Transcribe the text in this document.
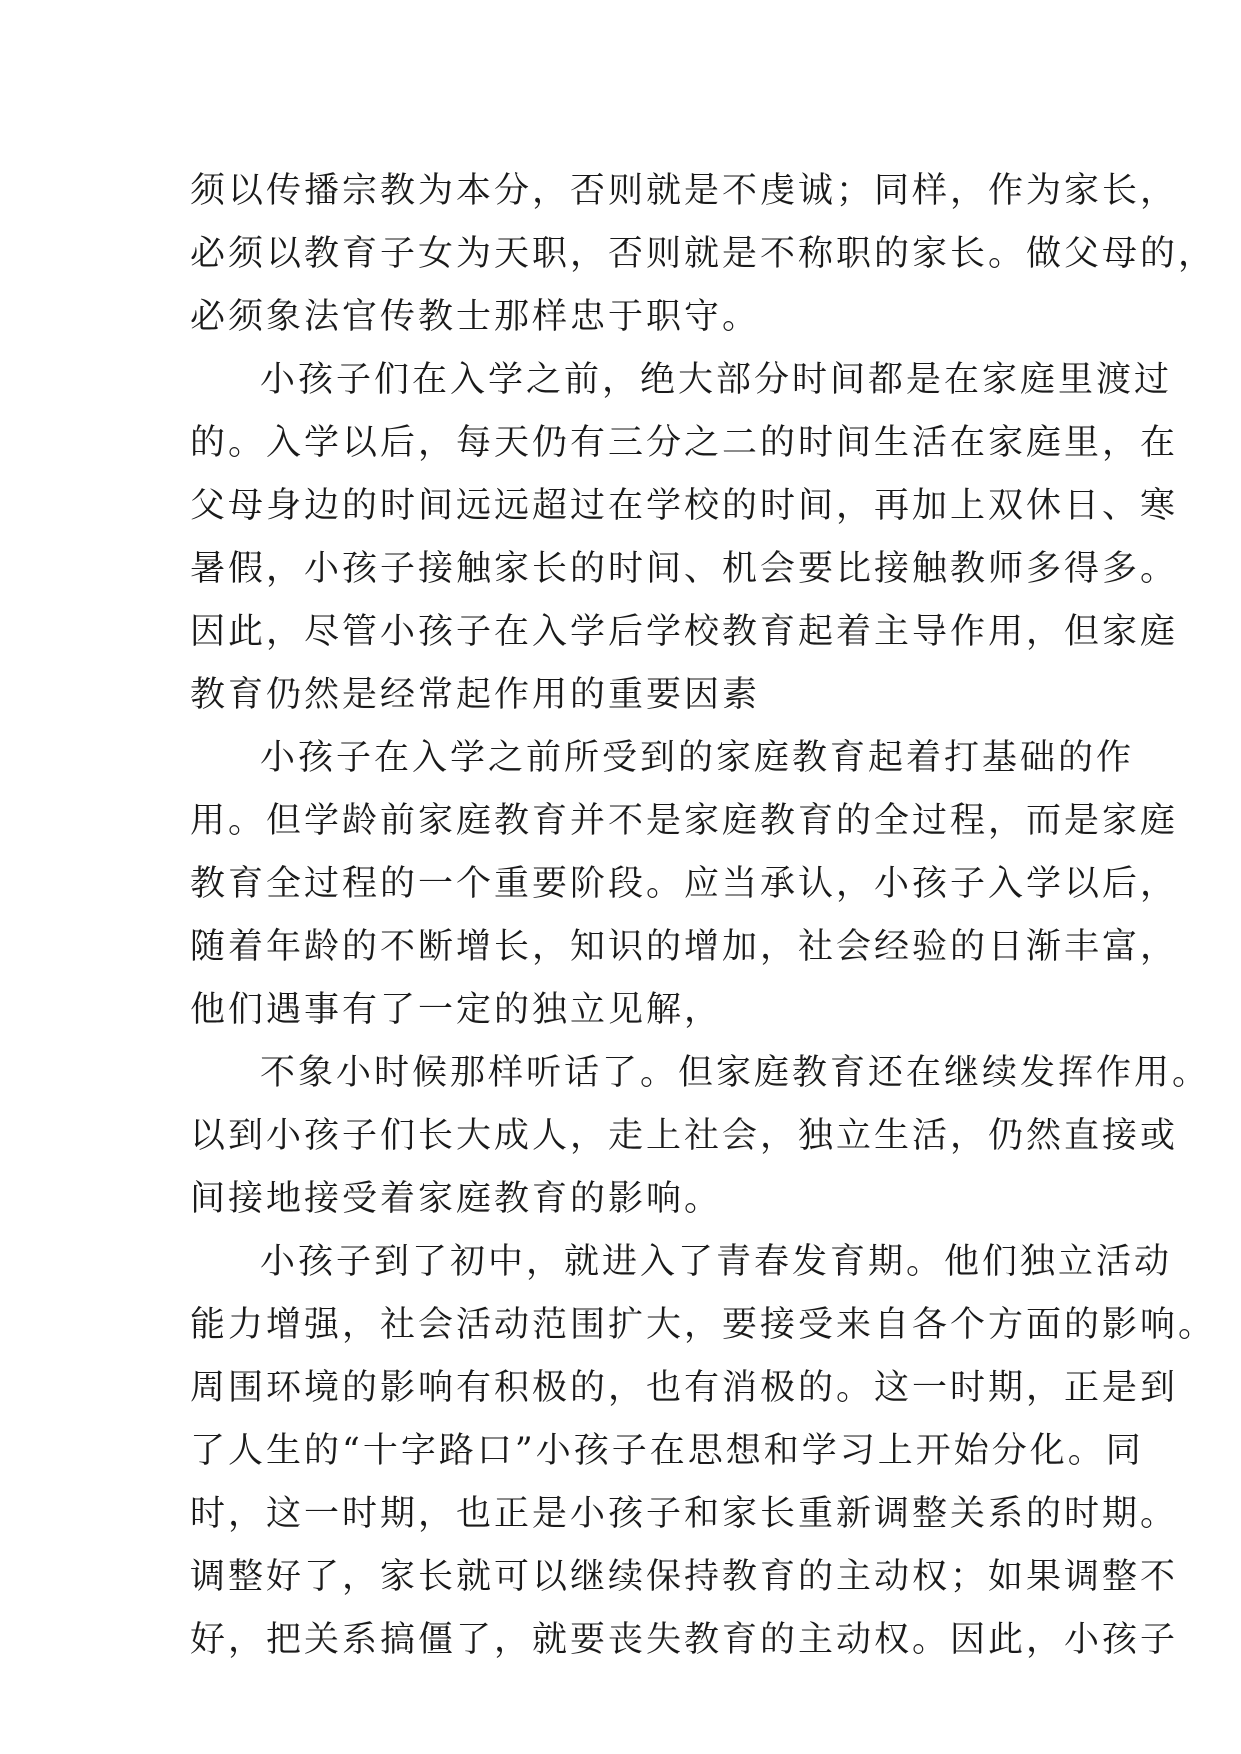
须以传播宗教为本分，否则就是不虔诚；同样，作为家长，
必须以教育子女为天职，否则就是不称职的家长。做父母的，
必须象法官传教士那样忠于职守。
小孩子们在入学之前，绝大部分时间都是在家庭里渡过
的。入学以后，每天仍有三分之二的时间生活在家庭里，在
父母身边的时间远远超过在学校的时间，再加上双休日、寒
暑假，小孩子接触家长的时间、机会要比接触教师多得多。
因此，尽管小孩子在入学后学校教育起着主导作用，但家庭
教育仍然是经常起作用的重要因素
小孩子在入学之前所受到的家庭教育起着打基础的作
用。但学龄前家庭教育并不是家庭教育的全过程，而是家庭
教育全过程的一个重要阶段。应当承认，小孩子入学以后，
随着年龄的不断增长，知识的增加，社会经验的日渐丰富，
他们遇事有了一定的独立见解，
不象小时候那样听话了。但家庭教育还在继续发挥作用。
以到小孩子们长大成人，走上社会，独立生活，仍然直接或
间接地接受着家庭教育的影响。
小孩子到了初中，就进入了青春发育期。他们独立活动
能力增强，社会活动范围扩大，要接受来自各个方面的影响。
周围环境的影响有积极的，也有消极的。这一时期，正是到
了人生的“十字路口”小孩子在思想和学习上开始分化。同
时，这一时期，也正是小孩子和家长重新调整关系的时期。
调整好了，家长就可以继续保持教育的主动权；如果调整不
好，把关系搞僵了，就要丧失教育的主动权。因此，小孩子
